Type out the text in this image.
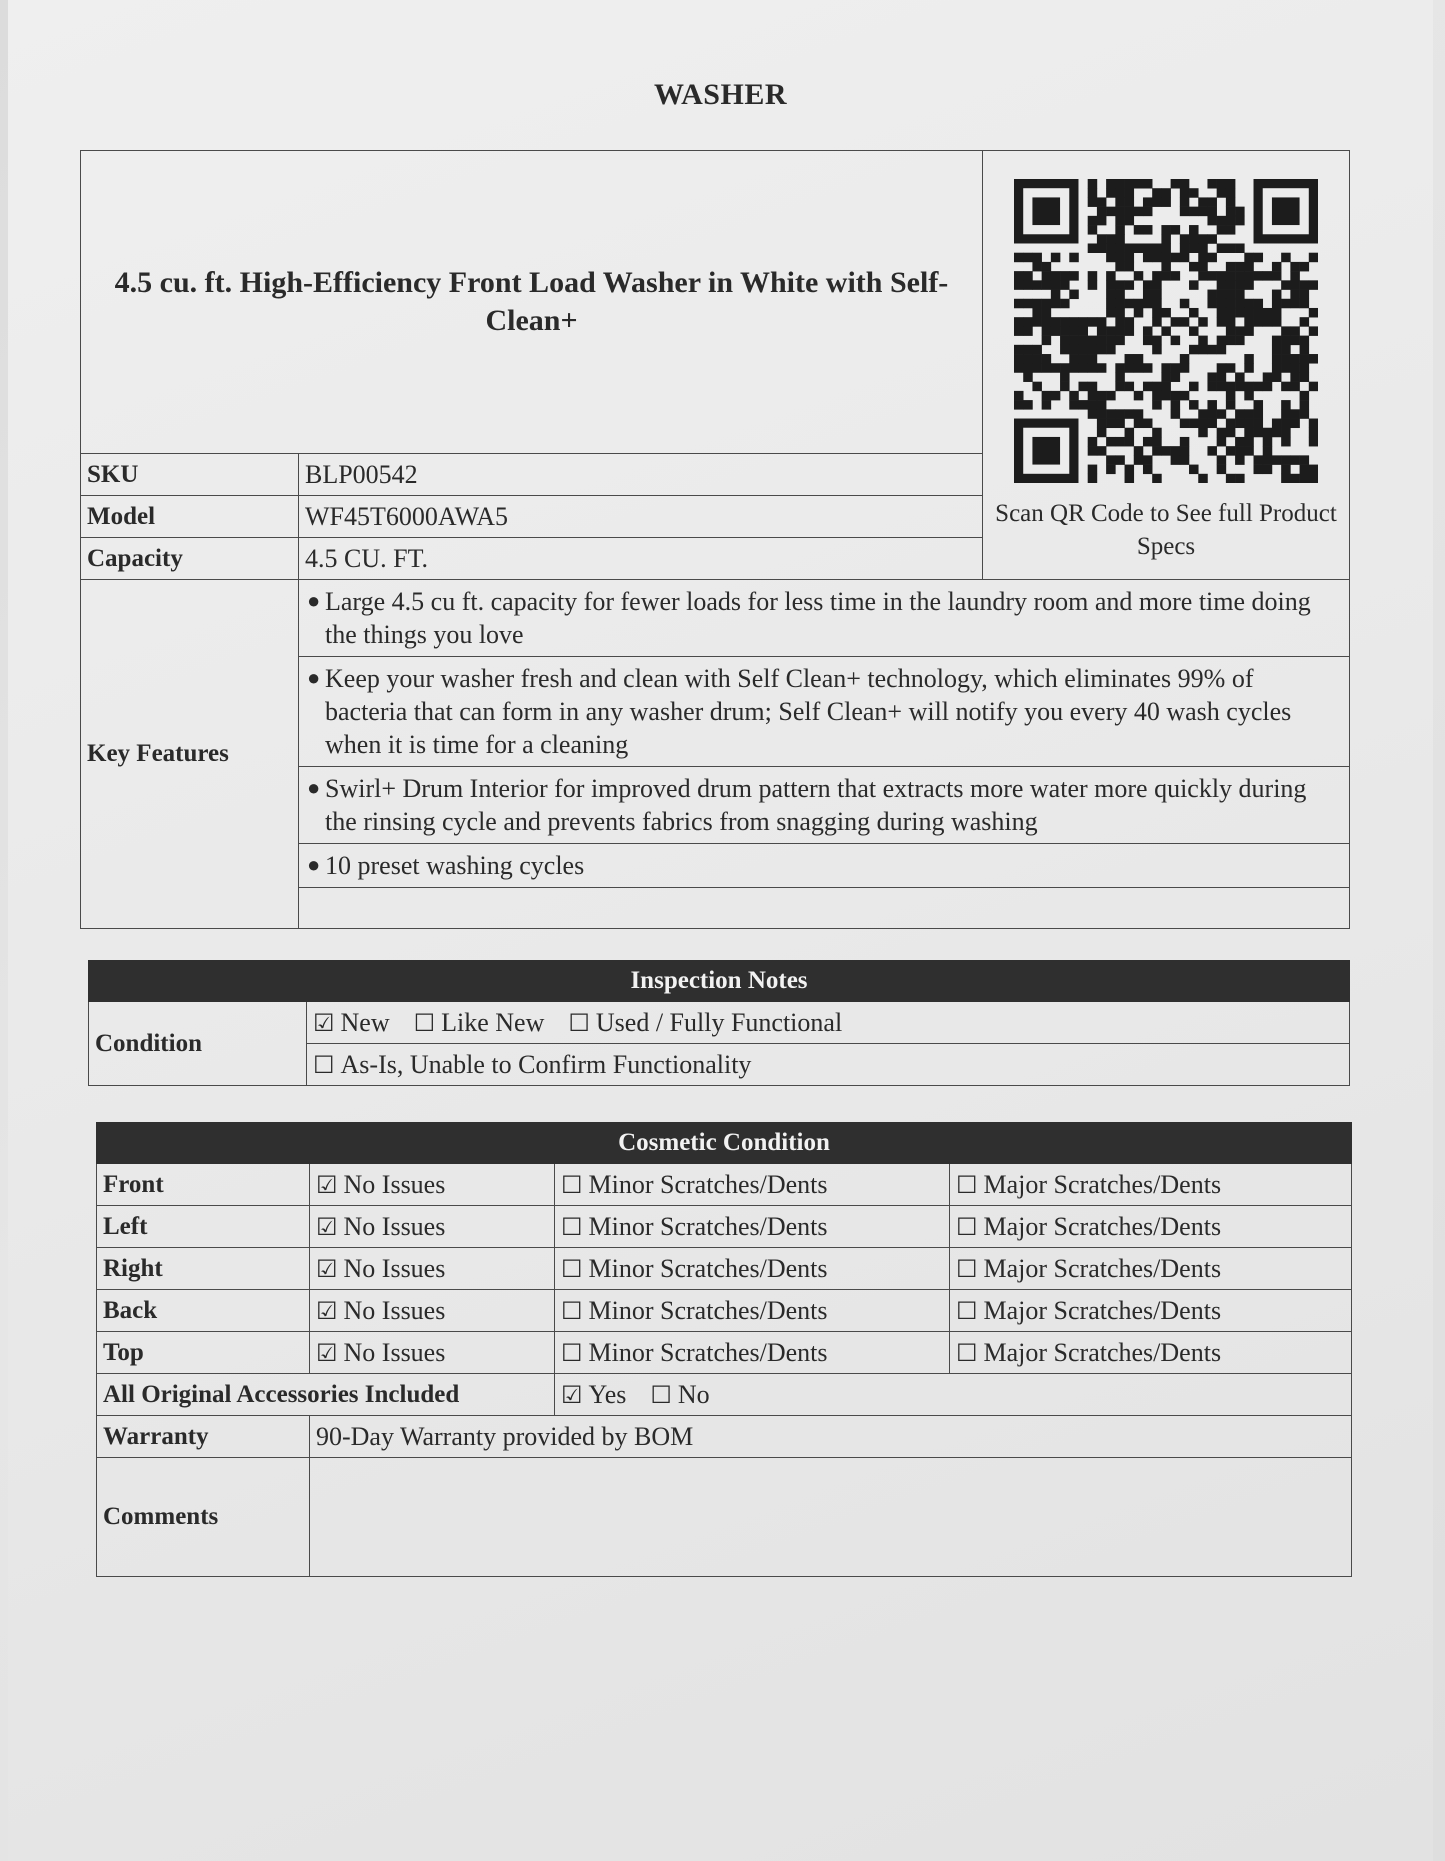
WASHER
4.5 cu. ft. High-Efficiency Front Load Washer in White with Self-Clean+		Scan QR Code to See full Product Specs

SKU	BLP00542	
Model	WF45T6000AWA5	
Capacity	4.5 CU. FT.	
Key Features	● Large 4.5 cu ft. capacity for fewer loads for less time in the laundry room and more time doing the things you love	

	● Keep your washer fresh and clean with Self Clean+ technology, which eliminates 99% of bacteria that can form in any washer drum; Self Clean+ will notify you every 40 wash cycles when it is time for a cleaning	

	● Swirl+ Drum Interior for improved drum pattern that extracts more water more quickly during the rinsing cycle and prevents fabrics from snagging during washing	

	● 10 preset washing cycles	

Inspection Notes
Condition	☑ New ☐ Like New ☐ Used / Fully Functional
☐ As-Is, Unable to Confirm Functionality
Cosmetic Condition			
Front	☑ No Issues	☐ Minor Scratches/Dents	☐ Major Scratches/Dents
Left	☑ No Issues	☐ Minor Scratches/Dents	☐ Major Scratches/Dents
Right	☑ No Issues	☐ Minor Scratches/Dents	☐ Major Scratches/Dents
Back	☑ No Issues	☐ Minor Scratches/Dents	☐ Major Scratches/Dents
Top	☑ No Issues	☐ Minor Scratches/Dents	☐ Major Scratches/Dents
All Original Accessories Included		☑ Yes ☐ No	
Warranty	90-Day Warranty provided by BOM		
Comments			
